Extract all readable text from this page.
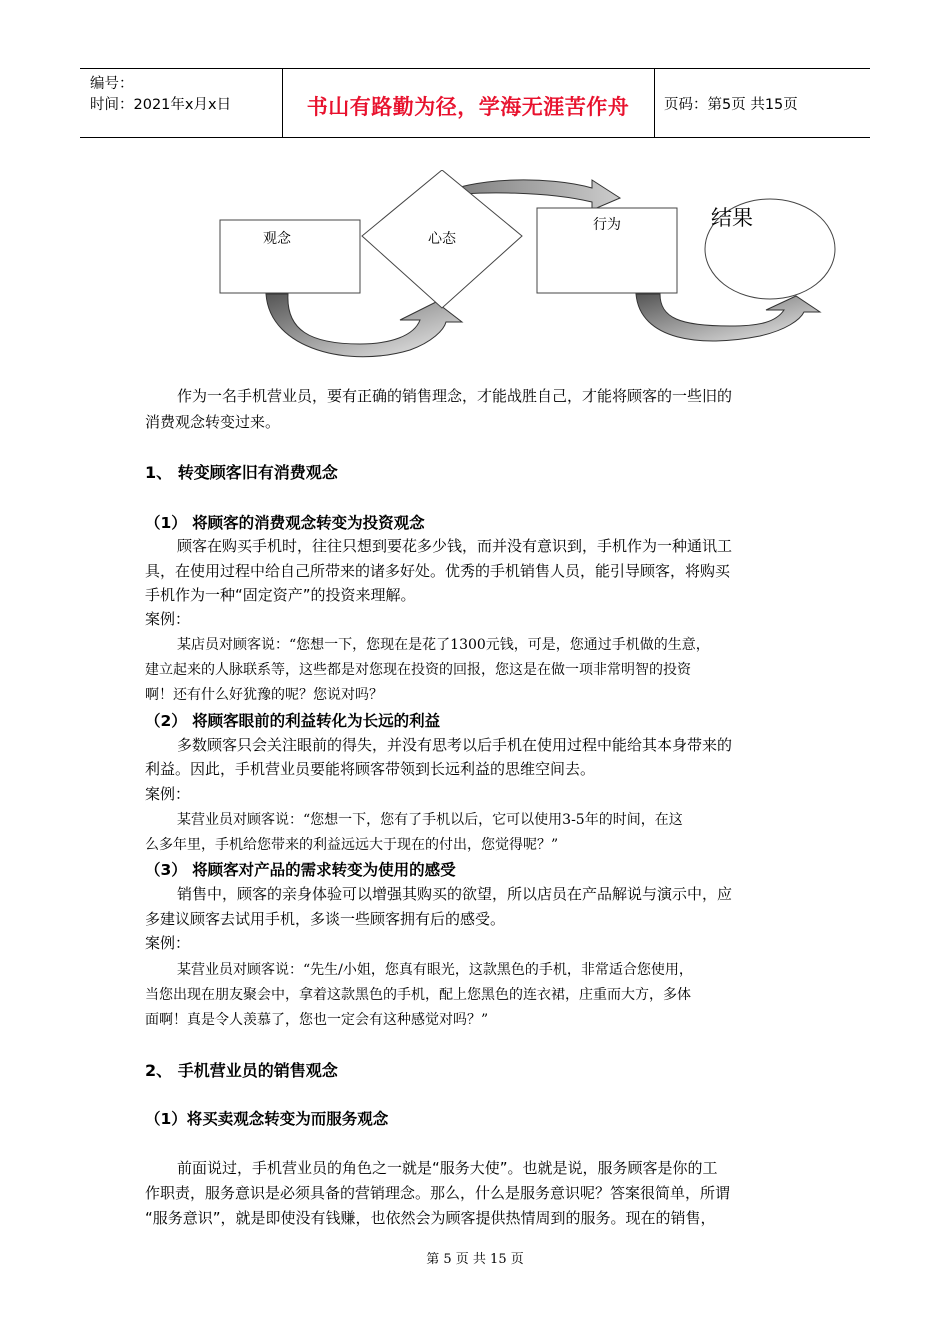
编号：
时间：2021年x月x日	书山有路勤为径，学海无涯苦作舟	页码：第5页 共15页
观念	心态
行为	结果
作为一名手机营业员，要有正确的销售理念，才能战胜自己，才能将顾客的一些旧的
消费观念转变过来。
1、 转变顾客旧有消费观念
（1） 将顾客的消费观念转变为投资观念
顾客在购买手机时，往往只想到要花多少钱，而并没有意识到，手机作为一种通讯工
具，在使用过程中给自己所带来的诸多好处。优秀的手机销售人员，能引导顾客，将购买
手机作为一种“固定资产”的投资来理解。
案例：
某店员对顾客说：“您想一下，您现在是花了1300元钱，可是，您通过手机做的生意，
建立起来的人脉联系等，这些都是对您现在投资的回报，您这是在做一项非常明智的投资
啊！还有什么好犹豫的呢？您说对吗？
（2） 将顾客眼前的利益转化为长远的利益
多数顾客只会关注眼前的得失，并没有思考以后手机在使用过程中能给其本身带来的
利益。因此，手机营业员要能将顾客带领到长远利益的思维空间去。
案例：
某营业员对顾客说：“您想一下，您有了手机以后，它可以使用3-5年的时间，在这
么多年里，手机给您带来的利益远远大于现在的付出，您觉得呢？”
（3） 将顾客对产品的需求转变为使用的感受
销售中，顾客的亲身体验可以增强其购买的欲望，所以店员在产品解说与演示中，应
多建议顾客去试用手机，多谈一些顾客拥有后的感受。
案例：
某营业员对顾客说：“先生/小姐，您真有眼光，这款黑色的手机，非常适合您使用，
当您出现在朋友聚会中，拿着这款黑色的手机，配上您黑色的连衣裙，庄重而大方，多体
面啊！真是令人羡慕了，您也一定会有这种感觉对吗？”
2、 手机营业员的销售观念
（1）将买卖观念转变为而服务观念
前面说过，手机营业员的角色之一就是“服务大使”。也就是说，服务顾客是你的工
作职责，服务意识是必须具备的营销理念。那么，什么是服务意识呢？答案很简单，所谓
“服务意识”，就是即使没有钱赚，也依然会为顾客提供热情周到的服务。现在的销售，
第 5 页 共 15 页
